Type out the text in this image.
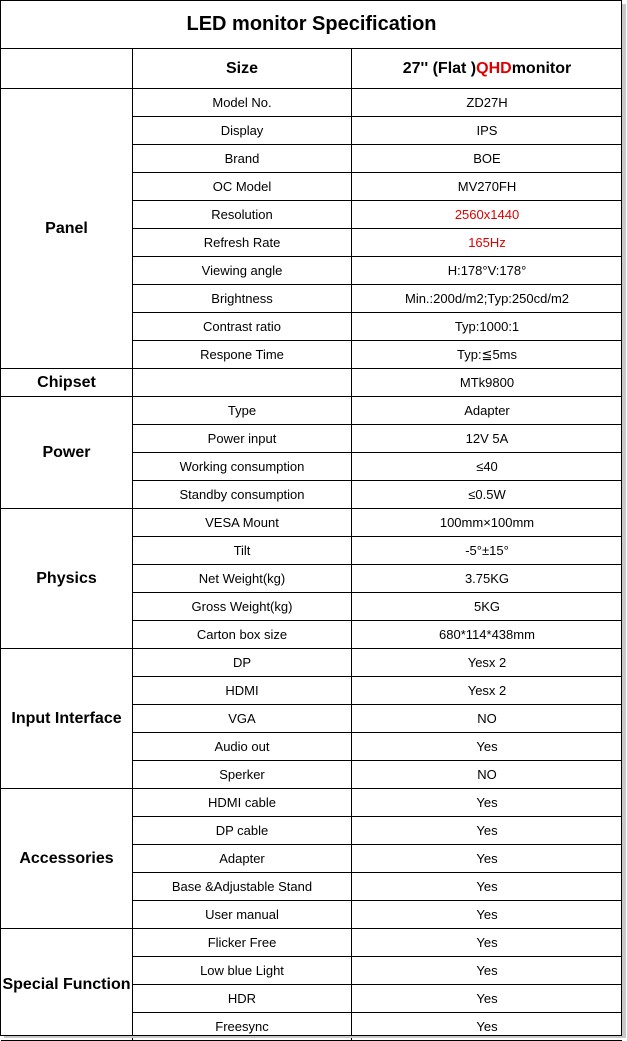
LED monitor Specification
Size	27'' (Flat ) QHD monitor
Panel
Model No.	ZD27H
Display	IPS
Brand	BOE
OC Model	MV270FH
Resolution	2560x1440
Refresh Rate	165Hz
Viewing angle	H:178°V:178°
Brightness	Min.:200d/m2;Typ:250cd/m2
Contrast ratio	Typ:1000:1
Respone Time	Typ:≦5ms
Chipset	MTk9800
Power
Type	Adapter
Power input	12V 5A
Working consumption	≤40
Standby consumption	≤0.5W
Physics
VESA Mount	100mm×100mm
Tilt	-5°±15°
Net Weight(kg)	3.75KG
Gross Weight(kg)	5KG
Carton box size	680*114*438mm
Input Interface
DP	Yesx 2
HDMI	Yesx 2
VGA	NO
Audio out	Yes
Sperker	NO
Accessories
HDMI cable	Yes
DP cable	Yes
Adapter	Yes
Base &Adjustable Stand	Yes
User manual	Yes
Special Function
Flicker Free	Yes
Low blue Light	Yes
HDR	Yes
Freesync	Yes
